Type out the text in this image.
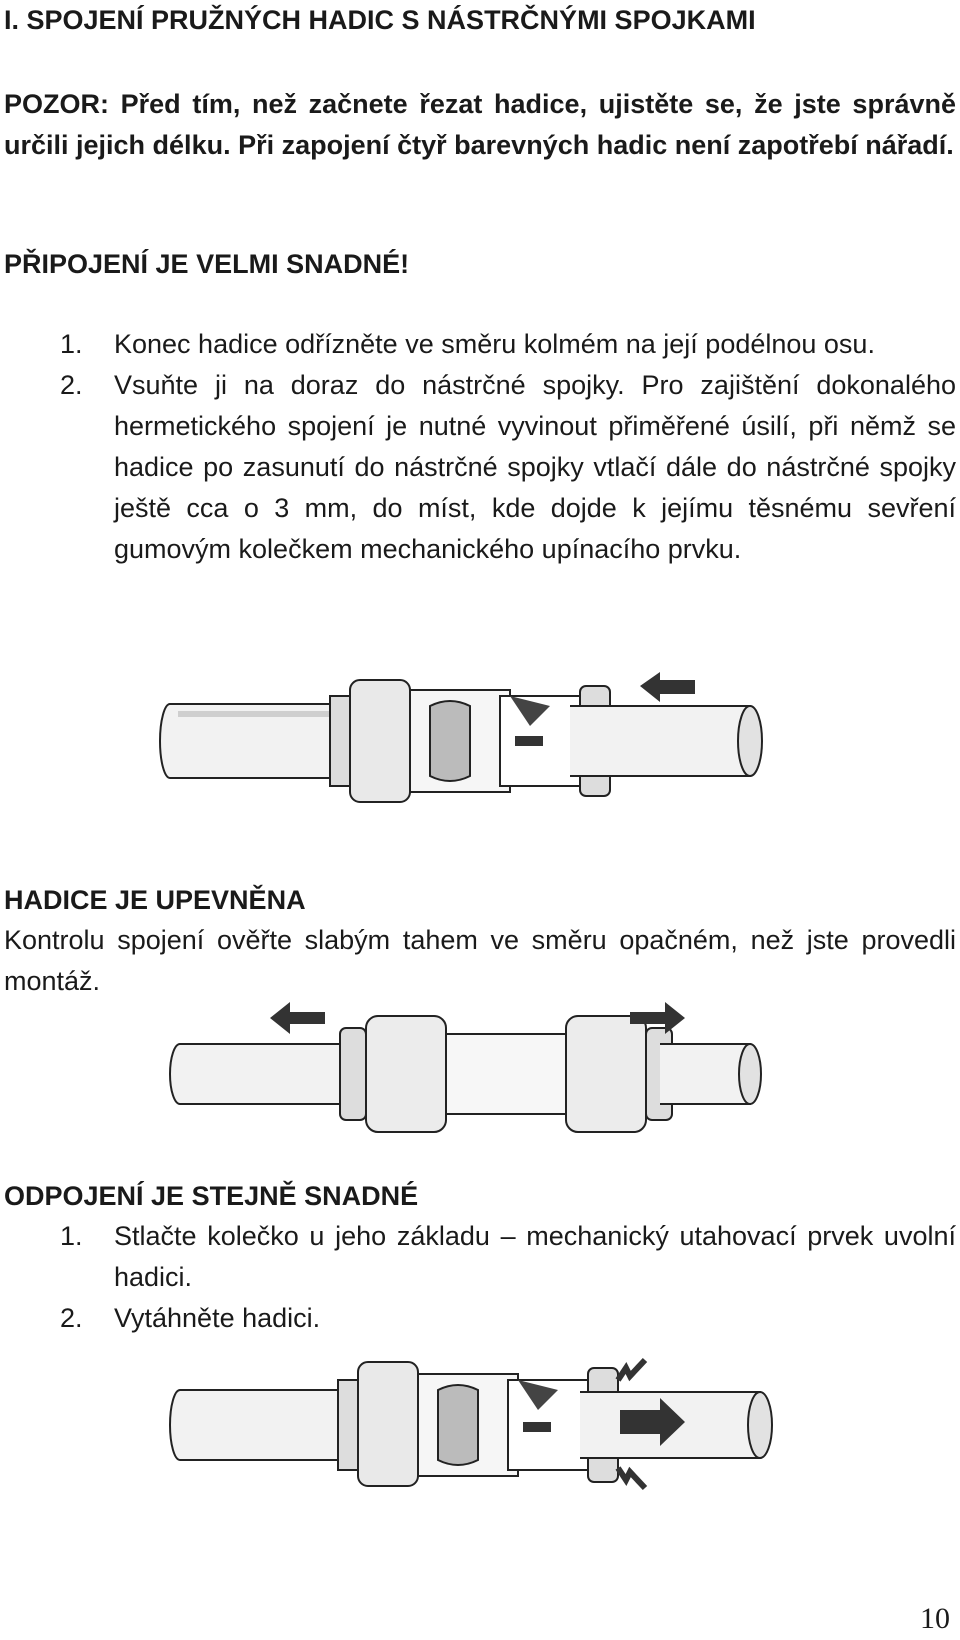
I. SPOJENÍ PRUŽNÝCH HADIC S NÁSTRČNÝMI SPOJKAMI

POZOR: Před tím, než začnete řezat hadice, ujistěte se, že jste správně určili jejich délku. Při zapojení čtyř barevných hadic není zapotřebí nářadí.

PŘIPOJENÍ JE VELMI SNADNÉ!
1. Konec hadice odřízněte ve směru kolmém na její podélnou osu.
2. Vsuňte ji na doraz do nástrčné spojky. Pro zajištění dokonalého hermetického spojení je nutné vyvinout přiměřené úsilí, při němž se hadice po zasunutí do nástrčné spojky vtlačí dále do nástrčné spojky ještě cca o 3 mm, do míst, kde dojde k jejímu těsnému sevření gumovým kolečkem mechanického upínacího prvku.
HADICE JE UPEVNĚNA

Kontrolu spojení ověřte slabým tahem ve směru opačném, než jste provedli montáž.

ODPOJENÍ JE STEJNĚ SNADNÉ
1. Stlačte kolečko u jeho základu – mechanický utahovací prvek uvolní hadici.
2. Vytáhněte hadici.
10
